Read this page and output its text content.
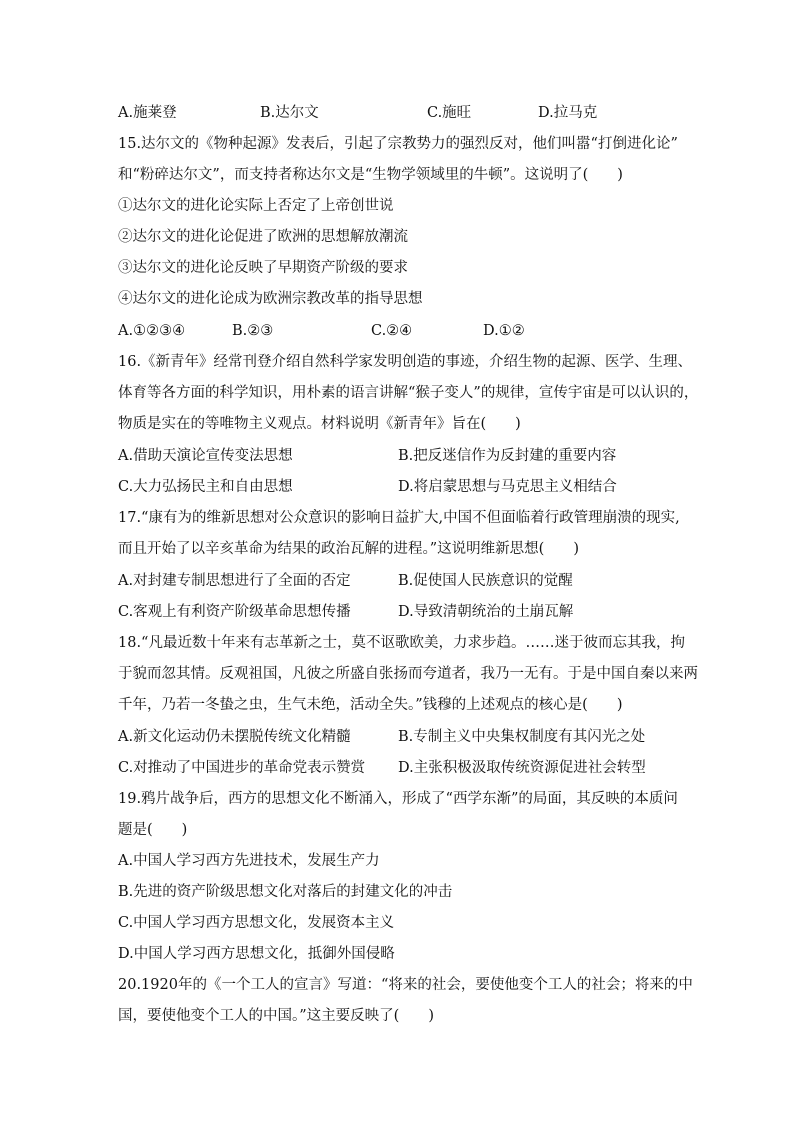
A.施莱登	B.达尔文	C.施旺	D.拉马克
15.达尔文的《物种起源》发表后，引起了宗教势力的强烈反对，他们叫嚣“打倒进化论”
和“粉碎达尔文”，而支持者称达尔文是“生物学领域里的牛顿”。这说明了(　　)
①达尔文的进化论实际上否定了上帝创世说
②达尔文的进化论促进了欧洲的思想解放潮流
③达尔文的进化论反映了早期资产阶级的要求
④达尔文的进化论成为欧洲宗教改革的指导思想
A.①②③④	B.②③	C.②④	D.①②
16.《新青年》经常刊登介绍自然科学家发明创造的事迹，介绍生物的起源、医学、生理、
体育等各方面的科学知识，用朴素的语言讲解“猴子变人”的规律，宣传宇宙是可以认识的，
物质是实在的等唯物主义观点。材料说明《新青年》旨在(　　)
A.借助天演论宣传变法思想	B.把反迷信作为反封建的重要内容
C.大力弘扬民主和自由思想	D.将启蒙思想与马克思主义相结合
17.“康有为的维新思想对公众意识的影响日益扩大,中国不但面临着行政管理崩溃的现实,
而且开始了以辛亥革命为结果的政治瓦解的进程。”这说明维新思想(　　)
A.对封建专制思想进行了全面的否定	B.促使国人民族意识的觉醒
C.客观上有利资产阶级革命思想传播	D.导致清朝统治的土崩瓦解
18.“凡最近数十年来有志革新之士，莫不讴歌欧美，力求步趋。……迷于彼而忘其我，拘
于貌而忽其情。反观祖国，凡彼之所盛自张扬而夸道者，我乃一无有。于是中国自秦以来两
千年，乃若一冬蛰之虫，生气未绝，活动全失。”钱穆的上述观点的核心是(　　)
A.新文化运动仍未摆脱传统文化精髓	B.专制主义中央集权制度有其闪光之处
C.对推动了中国进步的革命党表示赞赏 D.主张积极汲取传统资源促进社会转型
19.鸦片战争后，西方的思想文化不断涌入，形成了“西学东渐”的局面，其反映的本质问
题是(　　)
A.中国人学习西方先进技术，发展生产力
B.先进的资产阶级思想文化对落后的封建文化的冲击
C.中国人学习西方思想文化，发展资本主义
D.中国人学习西方思想文化，抵御外国侵略
20.1920年的《一个工人的宣言》写道：“将来的社会，要使他变个工人的社会；将来的中
国，要使他变个工人的中国。”这主要反映了(　　)
